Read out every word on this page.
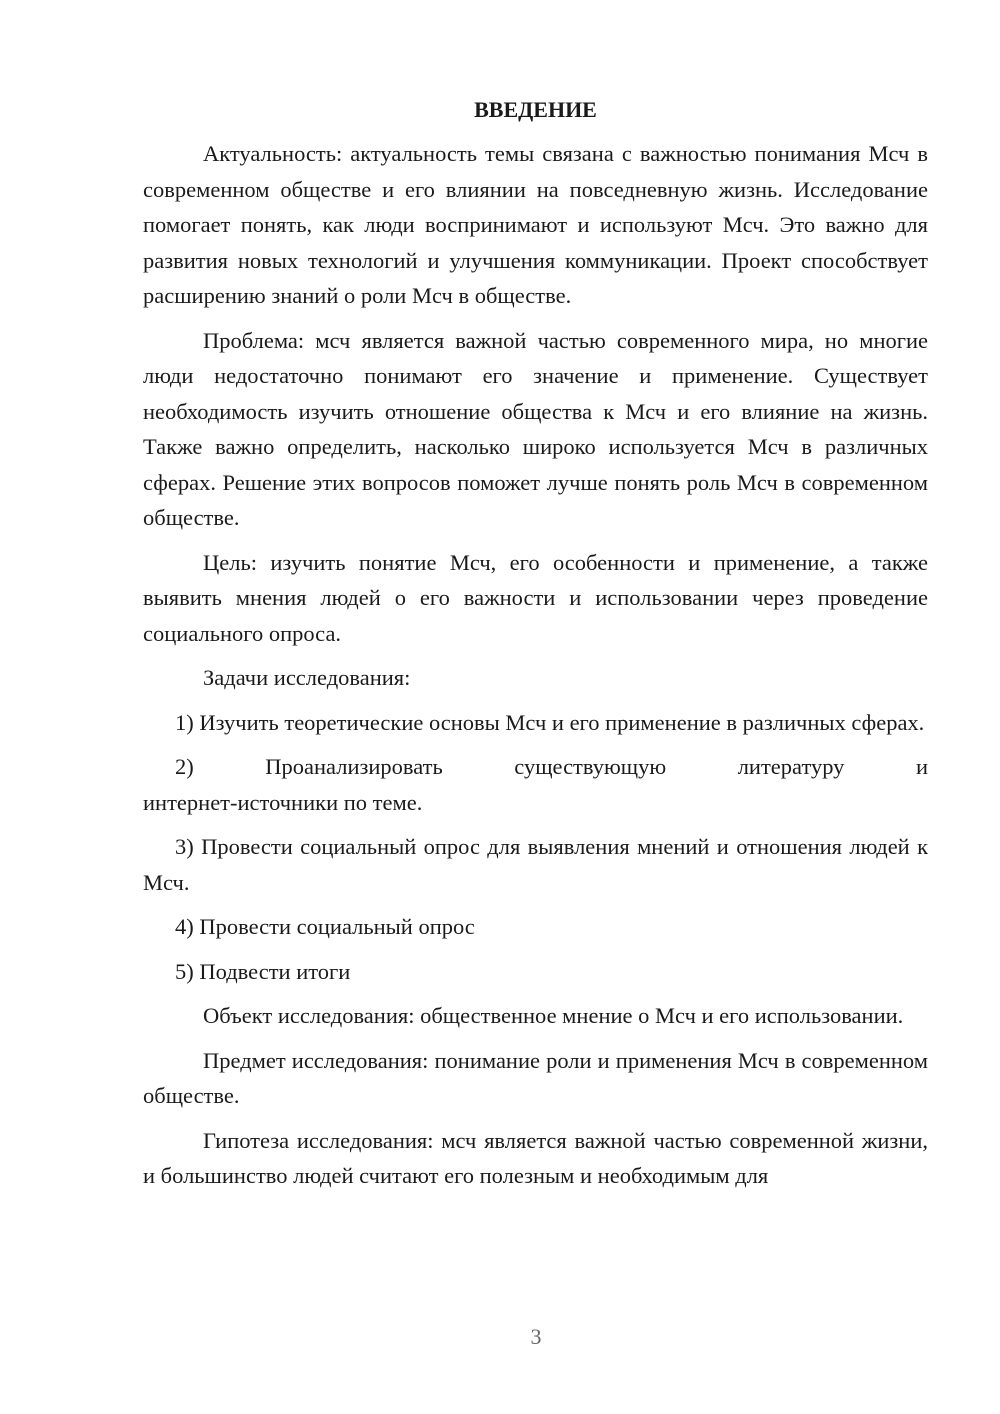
ВВЕДЕНИЕ

Актуальность: актуальность темы связана с важностью понимания Мсч в современном обществе и его влиянии на повседневную жизнь. Исследование помогает понять, как люди воспринимают и используют Мсч. Это важно для развития новых технологий и улучшения коммуникации. Проект способствует расширению знаний о роли Мсч в обществе.

Проблема: мсч является важной частью современного мира, но многие люди недостаточно понимают его значение и применение. Существует необходимость изучить отношение общества к Мсч и его влияние на жизнь. Также важно определить, насколько широко используется Мсч в различных сферах. Решение этих вопросов поможет лучше понять роль Мсч в современном обществе.

Цель: изучить понятие Мсч, его особенности и применение, а также выявить мнения людей о его важности и использовании через проведение социального опроса.

Задачи исследования:

1) Изучить теоретические основы Мсч и его применение в различных сферах.

2) Проанализировать существующую литературу и
интернет-источники по теме.

3) Провести социальный опрос для выявления мнений и отношения людей к Мсч.

4) Провести социальный опрос

5) Подвести итоги

Объект исследования: общественное мнение о Мсч и его использовании.

Предмет исследования: понимание роли и применения Мсч в современном обществе.

Гипотеза исследования: мсч является важной частью современной жизни, и большинство людей считают его полезным и необходимым для

3
